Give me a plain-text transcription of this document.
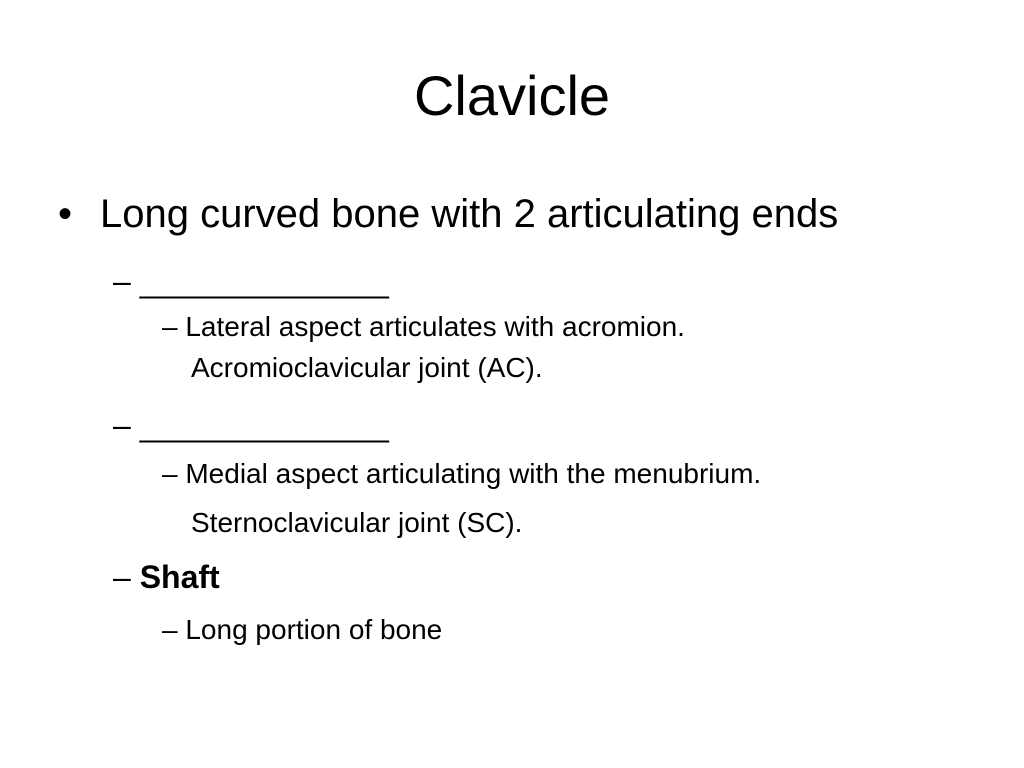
Clavicle
• Long curved bone with 2 articulating ends
– ______________
– Lateral aspect articulates with acromion.
Acromioclavicular joint (AC).
– ______________
– Medial aspect articulating with the menubrium.
Sternoclavicular joint (SC).
– Shaft
– Long portion of bone
